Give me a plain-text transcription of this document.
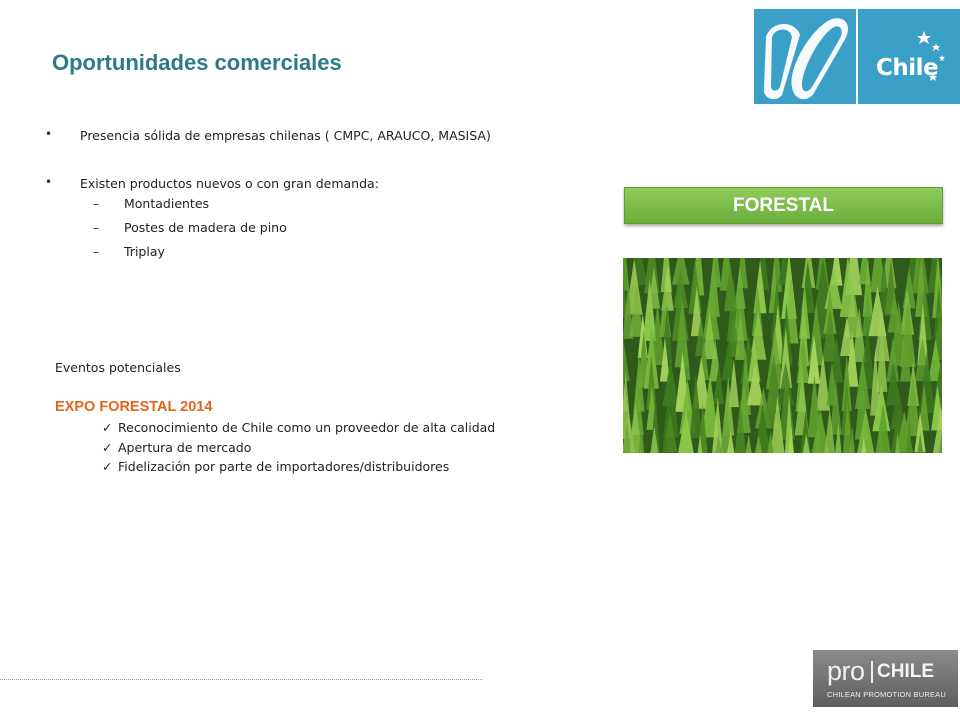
Oportunidades comerciales	Chile
• Presencia sólida de empresas chilenas ( CMPC, ARAUCO, MASISA)
• Existen productos nuevos o con gran demanda:
– Montadientes
– Postes de madera de pino
– Triplay
Eventos potenciales
EXPO FORESTAL 2014
✓ Reconocimiento de Chile como un proveedor de alta calidad
✓ Apertura de mercado
✓ Fidelización por parte de importadores/distribuidores
FORESTAL
pro CHILE
CHILEAN PROMOTION BUREAU
